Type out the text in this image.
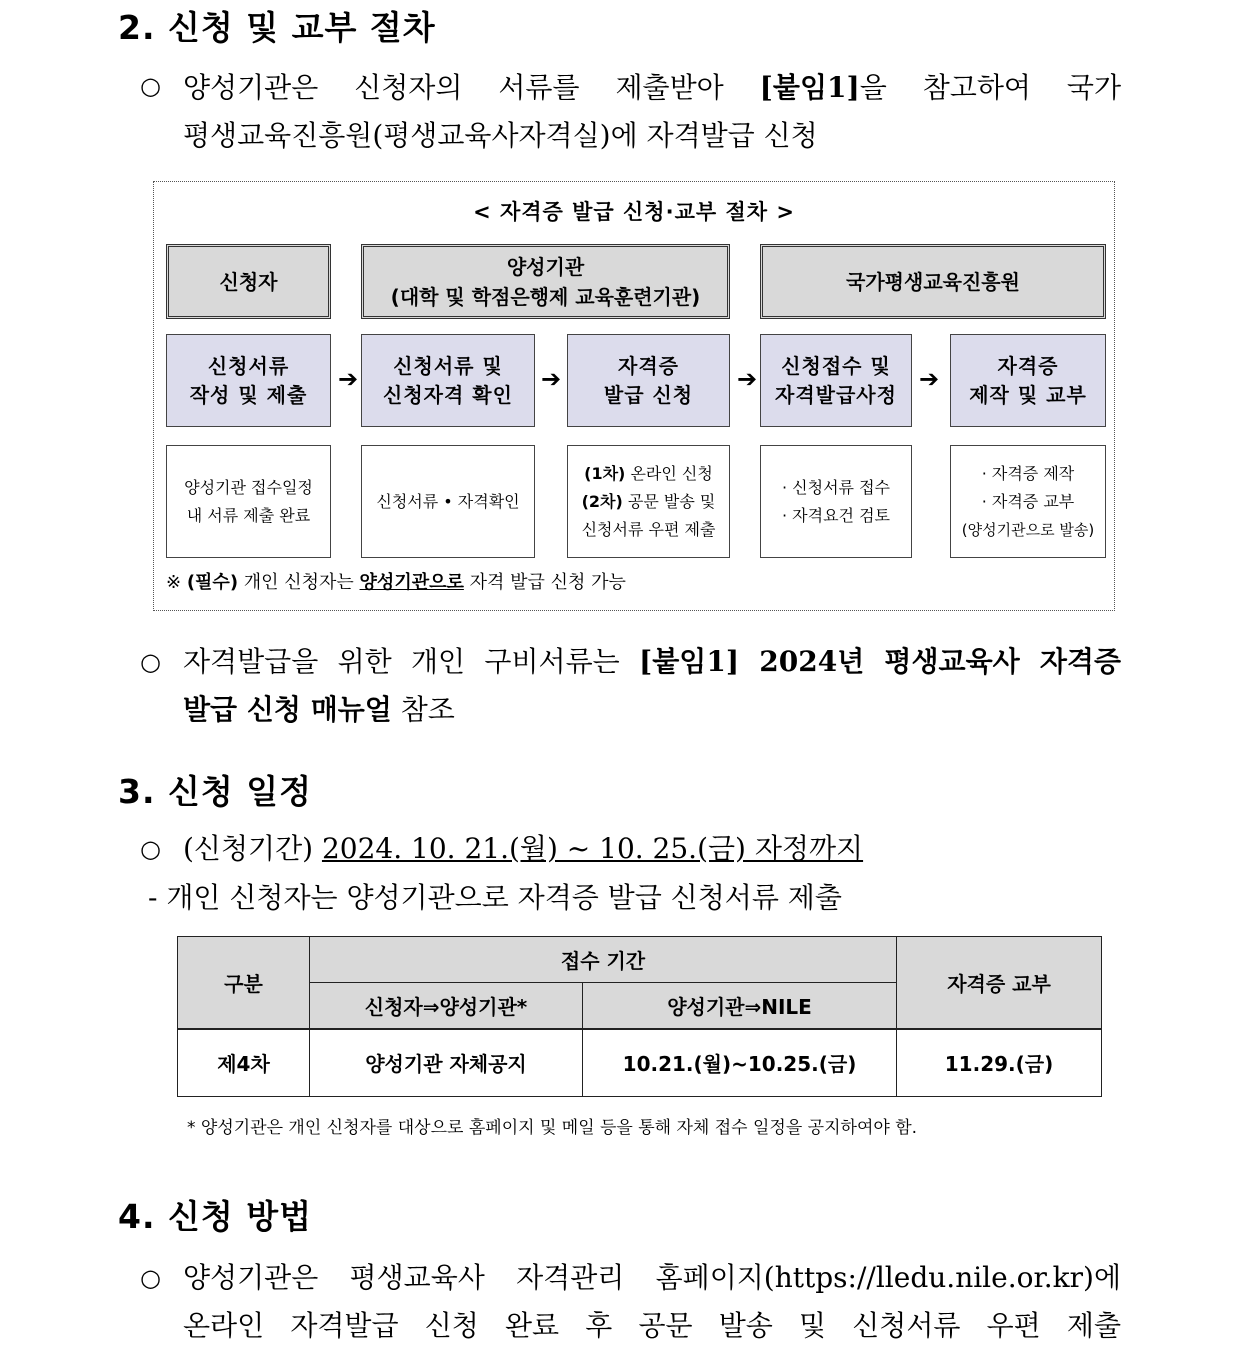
2. 신청 및 교부 절차
○ 양성기관은 신청자의 서류를 제출받아 [붙임1]을 참고하여 국가
평생교육진흥원(평생교육사자격실)에 자격발급 신청
< 자격증 발급 신청·교부 절차 >
신청자
양성기관
(대학 및 학점은행제 교육훈련기관)
국가평생교육진흥원
신청서류
작성 및 제출
➔	신청서류 및
신청자격 확인
➔	자격증
발급 신청
➔	신청접수 및
자격발급사정
➔	자격증
제작 및 교부
양성기관 접수일정
내 서류 제출 완료
신청서류 • 자격확인
(1차) 온라인 신청
(2차) 공문 발송 및
신청서류 우편 제출
· 신청서류 접수
· 자격요건 검토
· 자격증 제작
· 자격증 교부
(양성기관으로 발송)
※ (필수) 개인 신청자는 양성기관으로 자격 발급 신청 가능
○ 자격발급을 위한 개인 구비서류는 [붙임1] 2024년 평생교육사 자격증
발급 신청 매뉴얼 참조
3. 신청 일정
○ (신청기간) 2024. 10. 21.(월) ~ 10. 25.(금) 자정까지
- 개인 신청자는 양성기관으로 자격증 발급 신청서류 제출
구분	접수 기간		자격증 교부
	신청자⇒양성기관*	양성기관⇒NILE	
제4차	양성기관 자체공지	10.21.(월)~10.25.(금)	11.29.(금)
* 양성기관은 개인 신청자를 대상으로 홈페이지 및 메일 등을 통해 자체 접수 일정을 공지하여야 함.
4. 신청 방법
○ 양성기관은 평생교육사 자격관리 홈페이지(https://lledu.nile.or.kr)에
온라인 자격발급 신청 완료 후 공문 발송 및 신청서류 우편 제출
